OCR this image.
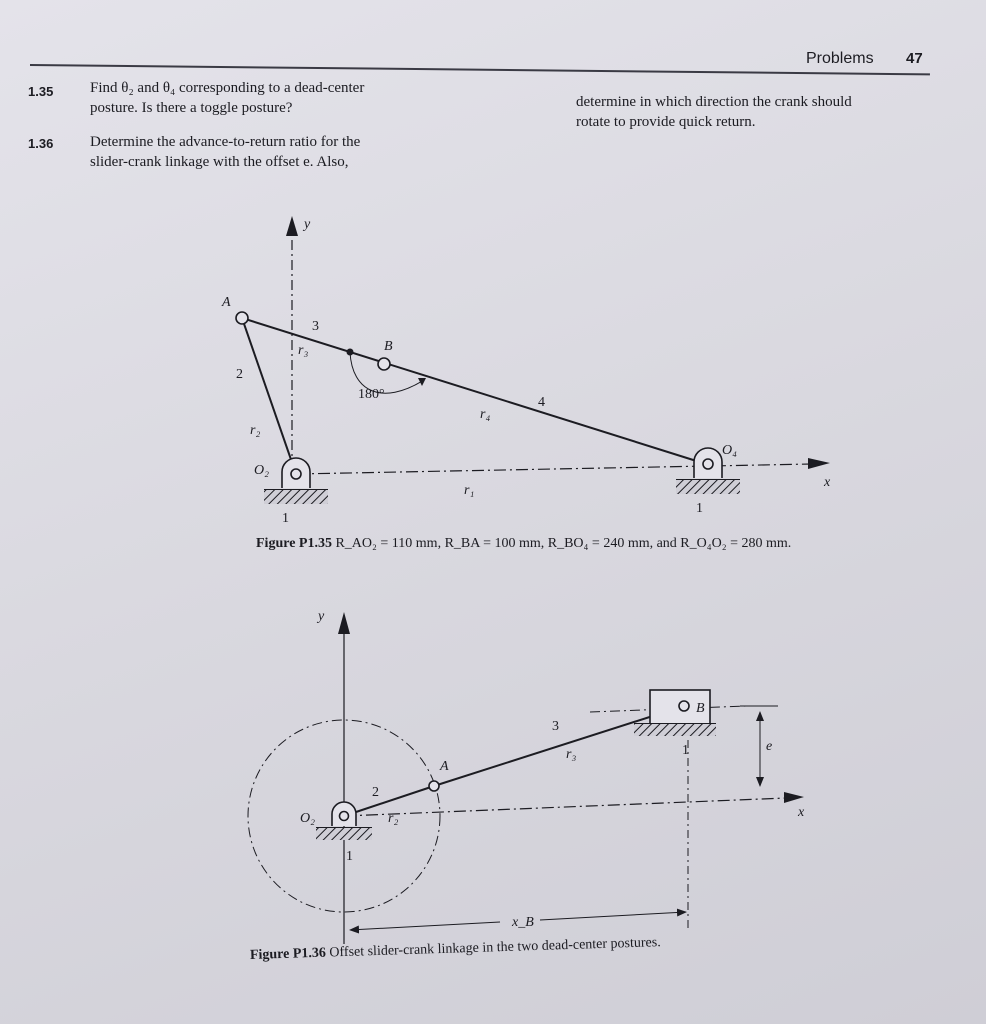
Problems 47
1.35 Find θ₂ and θ₄ corresponding to a dead-center
posture. Is there a toggle posture?
1.36 Determine the advance-to-return ratio for the
slider-crank linkage with the offset e. Also,
determine in which direction the crank should
rotate to provide quick return.
y
x
180°
A
B
O₂
O₄
2
3
4
r₂
r₃
r₄
r₁
1
1
y
x
e
x_B
A
B
O₂
2
3
r₂
r₃
1
1
Figure P1.35 R_AO₂ = 110 mm, R_BA = 100 mm, R_BO₄ = 240 mm, and R_O₄O₂ = 280 mm.
Figure P1.36 Offset slider-crank linkage in the two dead-center postures.
